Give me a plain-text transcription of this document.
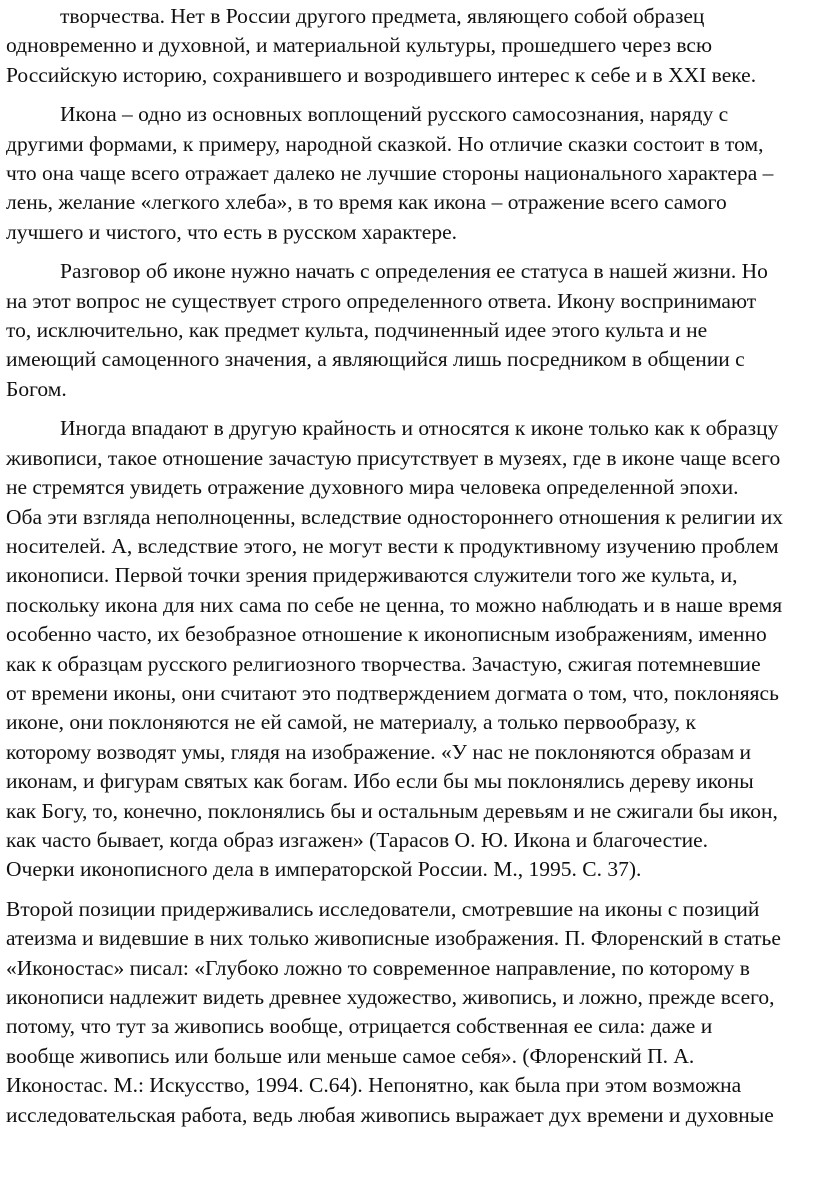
творчества. Нет в России другого предмета, являющего собой образец
одновременно и духовной, и материальной культуры, прошедшего через всю
Российскую историю, сохранившего и возродившего интерес к себе и в XXI веке.
Икона – одно из основных воплощений русского самосознания, наряду с
другими формами, к примеру, народной сказкой. Но отличие сказки состоит в том,
что она чаще всего отражает далеко не лучшие стороны национального характера –
лень, желание «легкого хлеба», в то время как икона – отражение всего самого
лучшего и чистого, что есть в русском характере.
Разговор об иконе нужно начать с определения ее статуса в нашей жизни. Но
на этот вопрос не существует строго определенного ответа. Икону воспринимают
то, исключительно, как предмет культа, подчиненный идее этого культа и не
имеющий самоценного значения, а являющийся лишь посредником в общении с
Богом.
Иногда впадают в другую крайность и относятся к иконе только как к образцу
живописи, такое отношение зачастую присутствует в музеях, где в иконе чаще всего
не стремятся увидеть отражение духовного мира человека определенной эпохи.
Оба эти взгляда неполноценны, вследствие одностороннего отношения к религии их
носителей. А, вследствие этого, не могут вести к продуктивному изучению проблем
иконописи. Первой точки зрения придерживаются служители того же культа, и,
поскольку икона для них сама по себе не ценна, то можно наблюдать и в наше время
особенно часто, их безобразное отношение к иконописным изображениям, именно
как к образцам русского религиозного творчества. Зачастую, сжигая потемневшие
от времени иконы, они считают это подтверждением догмата о том, что, поклоняясь
иконе, они поклоняются не ей самой, не материалу, а только первообразу, к
которому возводят умы, глядя на изображение. «У нас не поклоняются образам и
иконам, и фигурам святых как богам. Ибо если бы мы поклонялись дереву иконы
как Богу, то, конечно, поклонялись бы и остальным деревьям и не сжигали бы икон,
как часто бывает, когда образ изгажен» (Тарасов О. Ю. Икона и благочестие.
Очерки иконописного дела в императорской России. М., 1995. С. 37).
Второй позиции придерживались исследователи, смотревшие на иконы с позиций
атеизма и видевшие в них только живописные изображения. П. Флоренский в статье
«Иконостас» писал: «Глубоко ложно то современное направление, по которому в
иконописи надлежит видеть древнее художество, живопись, и ложно, прежде всего,
потому, что тут за живопись вообще, отрицается собственная ее сила: даже и
вообще живопись или больше или меньше самое себя». (Флоренский П. А.
Иконостас. М.: Искусство, 1994. С.64). Непонятно, как была при этом возможна
исследовательская работа, ведь любая живопись выражает дух времени и духовные
